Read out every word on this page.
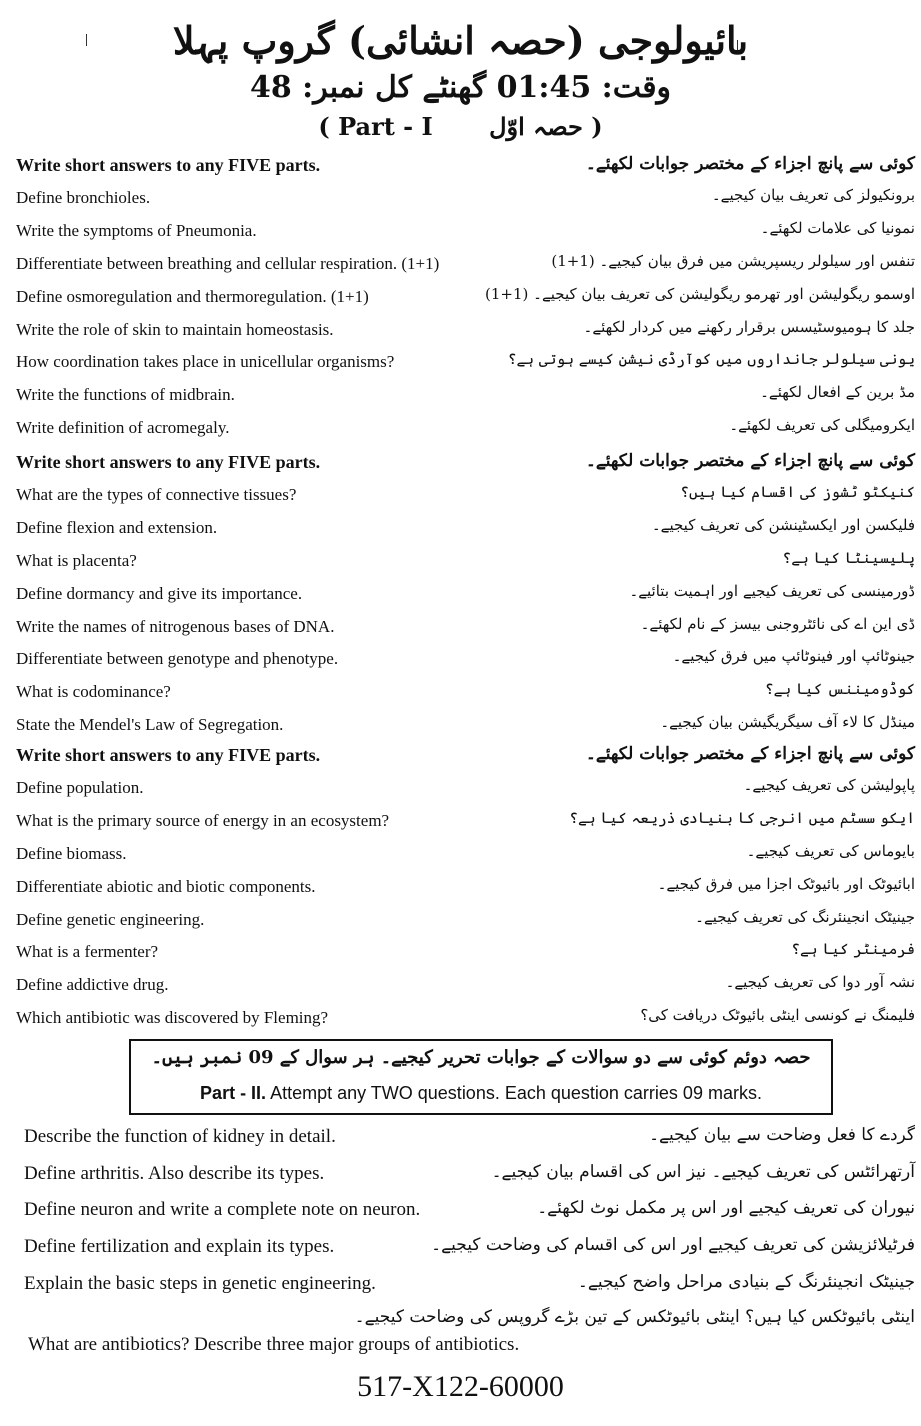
بائیولوجی (حصہ انشائی) گروپ پہلا
وقت: 01:45 گھنٹے کل نمبر: 48
( Part - I حصہ اوّل )
Write short answers to any FIVE parts.	کوئی سے پانچ اجزاء کے مختصر جوابات لکھئے۔
Define bronchioles.	برونکیولز کی تعریف بیان کیجیے۔
Write the symptoms of Pneumonia.	نمونیا کی علامات لکھئے۔
Differentiate between breathing and cellular respiration. (1+1)	تنفس اور سیلولر ریسپریشن میں فرق بیان کیجیے۔ (1+1)
Define osmoregulation and thermoregulation. (1+1)	اوسمو ریگولیشن اور تھرمو ریگولیشن کی تعریف بیان کیجیے۔ (1+1)
Write the role of skin to maintain homeostasis.	جلد کا ہومیوسٹیسس برقرار رکھنے میں کردار لکھئے۔
How coordination takes place in unicellular organisms?	یونی سیلولر جانداروں میں کوآرڈی نیشن کیسے ہوتی ہے؟
Write the functions of midbrain.	مڈ برین کے افعال لکھئے۔
Write definition of acromegaly.	ایکرومیگلی کی تعریف لکھئے۔
Write short answers to any FIVE parts.	کوئی سے پانچ اجزاء کے مختصر جوابات لکھئے۔
What are the types of connective tissues?	کنیکٹو ٹشوز کی اقسام کیا ہیں؟
Define flexion and extension.	فلیکسن اور ایکسٹینشن کی تعریف کیجیے۔
What is placenta?	پلیسینٹا کیا ہے؟
Define dormancy and give its importance.	ڈورمینسی کی تعریف کیجیے اور اہمیت بتائیے۔
Write the names of nitrogenous bases of DNA.	ڈی این اے کی نائٹروجنی بیسز کے نام لکھئے۔
Differentiate between genotype and phenotype.	جینوٹائپ اور فینوٹائپ میں فرق کیجیے۔
What is codominance?	کوڈومیننس کیا ہے؟
State the Mendel's Law of Segregation.	مینڈل کا لاء آف سیگریگیشن بیان کیجیے۔
Write short answers to any FIVE parts.	کوئی سے پانچ اجزاء کے مختصر جوابات لکھئے۔
Define population.	پاپولیشن کی تعریف کیجیے۔
What is the primary source of energy in an ecosystem?	ایکو سسٹم میں انرجی کا بنیادی ذریعہ کیا ہے؟
Define biomass.	بایوماس کی تعریف کیجیے۔
Differentiate abiotic and biotic components.	ابائیوٹک اور بائیوٹک اجزا میں فرق کیجیے۔
Define genetic engineering.	جینیٹک انجینئرنگ کی تعریف کیجیے۔
What is a fermenter?	فرمینٹر کیا ہے؟
Define addictive drug.	نشہ آور دوا کی تعریف کیجیے۔
Which antibiotic was discovered by Fleming?	فلیمنگ نے کونسی اینٹی بائیوٹک دریافت کی؟
حصہ دوئم کوئی سے دو سوالات کے جوابات تحریر کیجیے۔ ہر سوال کے 09 نمبر ہیں۔
Part - II. Attempt any TWO questions. Each question carries 09 marks.
Describe the function of kidney in detail.	گردے کا فعل وضاحت سے بیان کیجیے۔
Define arthritis. Also describe its types.	آرتھرائٹس کی تعریف کیجیے۔ نیز اس کی اقسام بیان کیجیے۔
Define neuron and write a complete note on neuron.	نیوران کی تعریف کیجیے اور اس پر مکمل نوٹ لکھئے۔
Define fertilization and explain its types.	فرٹیلائزیشن کی تعریف کیجیے اور اس کی اقسام کی وضاحت کیجیے۔
Explain the basic steps in genetic engineering.	جینیٹک انجینئرنگ کے بنیادی مراحل واضح کیجیے۔
اینٹی بائیوٹکس کیا ہیں؟ اینٹی بائیوٹکس کے تین بڑے گروپس کی وضاحت کیجیے۔
What are antibiotics? Describe three major groups of antibiotics.
517-X122-60000
